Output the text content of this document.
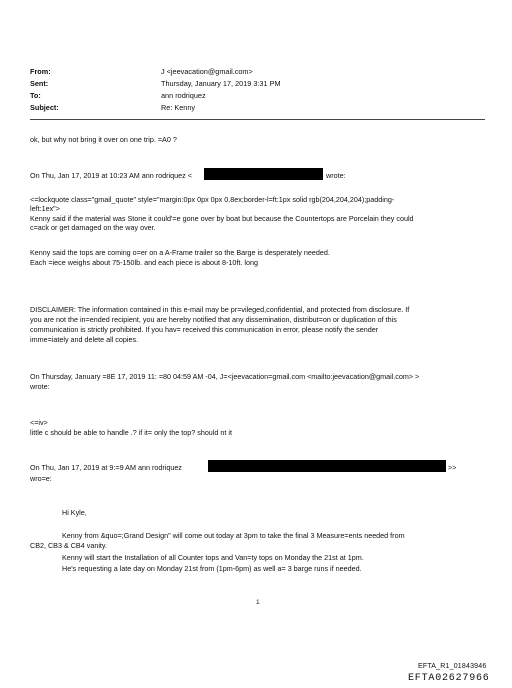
From:	J <jeevacation@gmail.com>
Sent:	Thursday, January 17, 2019 3:31 PM
To:	ann rodriquez
Subject:	Re: Kenny
ok, but why not bring it over on one trip. =A0 ?
On Thu, Jan 17, 2019 at 10:23 AM ann rodriquez <	wrote:
<=lockquote class="gmail_quote" style="margin:0px 0px 0px 0.8ex;border-l=ft:1px solid rgb(204,204,204);padding-
left:1ex">
Kenny said if the material was Stone it could'=e gone over by boat but because the Countertops are Porcelain they could
c=ack or get damaged on the way over.
Kenny said the tops are coming o=er on a A-Frame trailer so the Barge is desperately needed.
Each =iece weighs about 75-150lb. and each piece is about 8-10ft. long
DISCLAIMER: The information contained in this e-mail may be pr=vileged,confidential, and protected from disclosure. If
you are not the in=ended recipient, you are hereby notified that any dissemination, distribut=on or duplication of this
communication is strictly prohibited. If you hav= received this communication in error, please notify the sender
imme=iately and delete all copies.
On Thursday, January =8E 17, 2019 11: =80 04:59 AM -04, J=<jeevacation=gmail.com <mailto:jeevacation@gmail.com> >
wrote:
<=iv>
little c should be able to handle .? if it= only the top? should nt it
On Thu, Jan 17, 2019 at 9:=9 AM ann rodriquez	>>
wro=e:
Hi Kyle,
Kenny from &quo=;Grand Design" will come out today at 3pm to take the final 3 Measure=ents needed from
CB2, CB3 & CB4 vanity.
Kenny will start the Installation of all Counter tops and Van=ty tops on Monday the 21st at 1pm.
He's requesting a late day on Monday 21st from (1pm-6pm) as well a= 3 barge runs if needed.
1
EFTA_R1_01843946
EFTA02627966
